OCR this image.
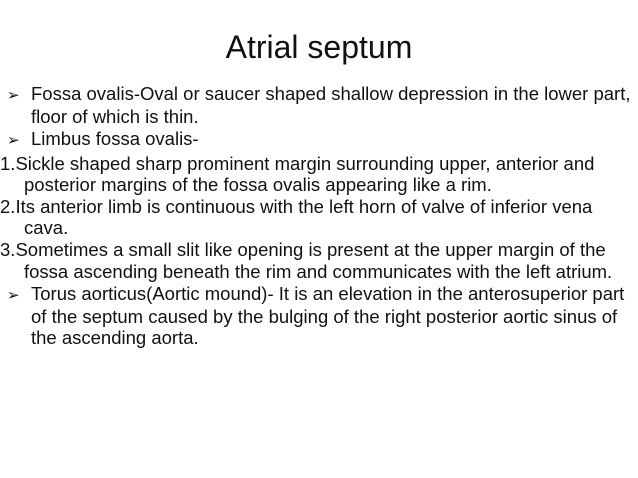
Atrial septum

➢ Fossa ovalis-Oval or saucer shaped shallow depression in the lower part, floor of which is thin.

➢ Limbus fossa ovalis-

1.Sickle shaped sharp prominent margin surrounding upper, anterior and posterior margins of the fossa ovalis appearing like a rim.

2.Its anterior limb is continuous with the left horn of valve of inferior vena cava.

3.Sometimes a small slit like opening is present at the upper margin of the fossa ascending beneath the rim and communicates with the left atrium.

➢ Torus aorticus(Aortic mound)- It is an elevation in the anterosuperior part of the septum caused by the bulging of the right posterior aortic sinus of the ascending aorta.
